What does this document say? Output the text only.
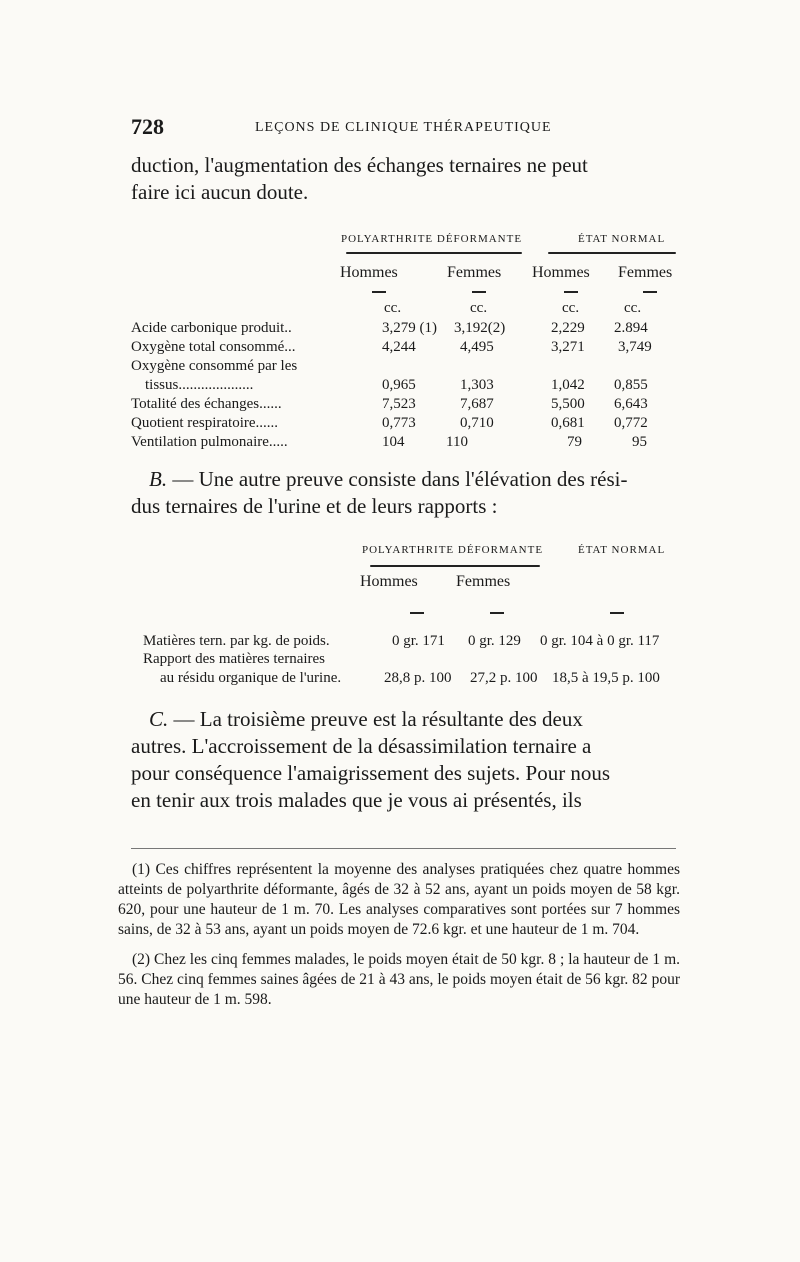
728	LEÇONS DE CLINIQUE THÉRAPEUTIQUE
duction, l'augmentation des échanges ternaires ne peut
faire ici aucun doute.
POLYARTHRITE DÉFORMANTE	ÉTAT NORMAL
Hommes	Femmes Hommes Femmes
cc.	cc.	cc.	cc.
Acide carbonique produit..	3,279 (1) 3,192(2)	2,229 2.894
Oxygène total consommé...	4,244	4,495	3,271 3,749
Oxygène consommé par les
tissus....................	0,965	1,303	1,042 0,855
Totalité des échanges......	7,523	7,687	5,500 6,643
Quotient respiratoire......	0,773	0,710	0,681 0,772
Ventilation pulmonaire.....	104	110	79	95
B. — Une autre preuve consiste dans l'élévation des rési-
dus ternaires de l'urine et de leurs rapports :
POLYARTHRITE DÉFORMANTE	ÉTAT NORMAL
Hommes Femmes
Matières tern. par kg. de poids.	0 gr. 171 0 gr. 129 0 gr. 104 à 0 gr. 117
Rapport des matières ternaires
au résidu organique de l'urine.	28,8 p. 100 27,2 p. 100 18,5 à 19,5 p. 100
C. — La troisième preuve est la résultante des deux
autres. L'accroissement de la désassimilation ternaire a
pour conséquence l'amaigrissement des sujets. Pour nous
en tenir aux trois malades que je vous ai présentés, ils
(1) Ces chiffres représentent la moyenne des analyses pratiquées chez quatre hommes atteints de polyarthrite déformante, âgés de 32 à 52 ans, ayant un poids moyen de 58 kgr. 620, pour une hauteur de 1 m. 70. Les analyses comparatives sont portées sur 7 hommes sains, de 32 à 53 ans, ayant un poids moyen de 72.6 kgr. et une hauteur de 1 m. 704.
(2) Chez les cinq femmes malades, le poids moyen était de 50 kgr. 8 ; la hauteur de 1 m. 56. Chez cinq femmes saines âgées de 21 à 43 ans, le poids moyen était de 56 kgr. 82 pour une hauteur de 1 m. 598.
